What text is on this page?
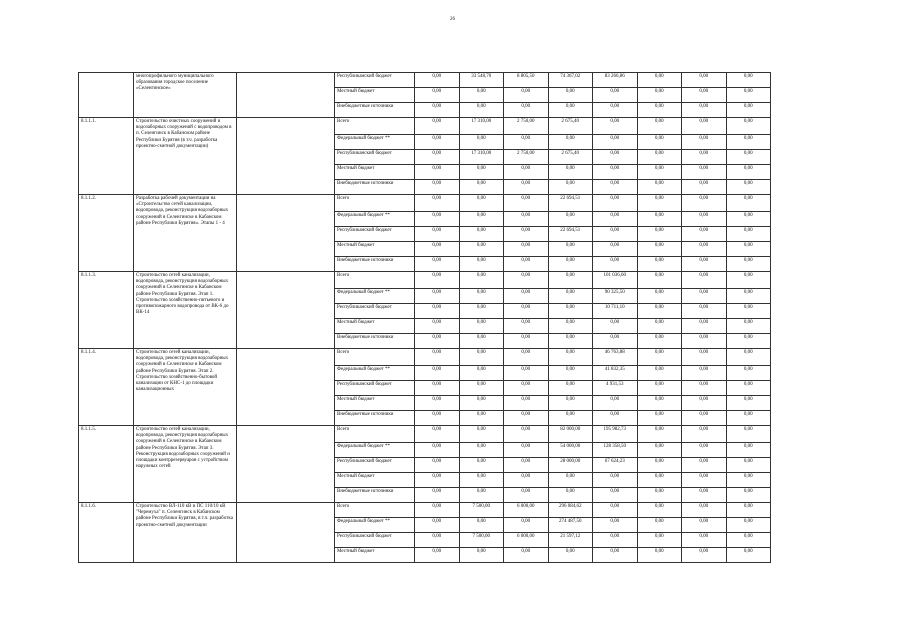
26
	многопрофильного муниципального образования городское поселение «Селенгинское»		Республиканский бюджет	0,00	33 548,70	8 805,50	74 367,02	83 266,86	0,00	0,00	0,00
			Местный бюджет	0,00	0,00	0,00	0,00	0,00	0,00	0,00	0,00
			Внебюджетные источники	0,00	0,00	0,00	0,00	0,00	0,00	0,00	0,00
8.1.1.1.	Строительство очистных сооружений и водозаборных сооружений с водопроводом в п. Селенгинск в Кабанском районе Республики Бурятия (в т.ч. разработка проектно-сметной документации)		Всего	0,00	17 310,00	2 750,00	2 675,40	0,00	0,00	0,00	0,00
			Федеральный бюджет **	0,00	0,00	0,00	0,00	0,00	0,00	0,00	0,00
			Республиканский бюджет	0,00	17 310,00	2 750,00	2 675,40	0,00	0,00	0,00	0,00
			Местный бюджет	0,00	0,00	0,00	0,00	0,00	0,00	0,00	0,00
			Внебюджетные источники	0,00	0,00	0,00	0,00	0,00	0,00	0,00	0,00
8.1.1.2.	Разработка рабочей документации на «Строительство сетей канализации, водопровода, реконструкция водозаборных сооружений в Селенгинске в Кабанском районе Республики Бурятия». Этапы 1 - 4		Всего	0,00	0,00	0,00	22 694,51	0,00	0,00	0,00	0,00
			Федеральный бюджет **	0,00	0,00	0,00	0,00	0,00	0,00	0,00	0,00
			Республиканский бюджет	0,00	0,00	0,00	22 694,51	0,00	0,00	0,00	0,00
			Местный бюджет	0,00	0,00	0,00	0,00	0,00	0,00	0,00	0,00
			Внебюджетные источники	0,00	0,00	0,00	0,00	0,00	0,00	0,00	0,00
8.1.1.3.	Строительство сетей канализации, водопровода, реконструкция водозаборных сооружений в Селенгинске в Кабанском районе Республики Бурятия. Этап 1. Строительство хозяйственно-питьевого и противопожарного водопровода от ВК-6 до ВК-14		Всего	0,00	0,00	0,00	0,00	101 036,60	0,00	0,00	0,00
			Федеральный бюджет **	0,00	0,00	0,00	0,00	90 325,50	0,00	0,00	0,00
			Республиканский бюджет	0,00	0,00	0,00	0,00	10 711,10	0,00	0,00	0,00
			Местный бюджет	0,00	0,00	0,00	0,00	0,00	0,00	0,00	0,00
			Внебюджетные источники	0,00	0,00	0,00	0,00	0,00	0,00	0,00	0,00
8.1.1.4.	Строительство сетей канализации, водопровода, реконструкция водозаборных сооружений в Селенгинске в Кабанском районе Республики Бурятия. Этап 2. Строительство хозяйственно-бытовой канализации от КНС-1 до площадки канализационных		Всего	0,00	0,00	0,00	0,00	46 763,88	0,00	0,00	0,00
			Федеральный бюджет **	0,00	0,00	0,00	0,00	41 832,35	0,00	0,00	0,00
			Республиканский бюджет	0,00	0,00	0,00	0,00	4 931,53	0,00	0,00	0,00
			Местный бюджет	0,00	0,00	0,00	0,00	0,00	0,00	0,00	0,00
			Внебюджетные источники	0,00	0,00	0,00	0,00	0,00	0,00	0,00	0,00
8.1.1.5.	Строительство сетей канализации, водопровода, реконструкция водозаборных сооружений в Селенгинске в Кабанском районе Республики Бурятия. Этап 3. Реконструкция водозаборных сооружений и площадки контррезервуаров с устройством наружных сетей		Всего	0,00	0,00	0,00	82 000,00	195 982,73	0,00	0,00	0,00
			Федеральный бюджет **	0,00	0,00	0,00	54 000,00	128 358,50	0,00	0,00	0,00
			Республиканский бюджет	0,00	0,00	0,00	28 000,00	67 624,23	0,00	0,00	0,00
			Местный бюджет	0,00	0,00	0,00	0,00	0,00	0,00	0,00	0,00
			Внебюджетные источники	0,00	0,00	0,00	0,00	0,00	0,00	0,00	0,00
8.1.1.6.	Строительство ВЛ-110 кВ и ПС 110/10 кВ "Черемуха" п. Селенгинск в Кабанском районе Республики Бурятия, в т.ч. разработка проектно-сметной документации		Всего	0,00	7 500,00	6 000,00	296 084,62	0,00	0,00	0,00	0,00
			Федеральный бюджет **	0,00	0,00	0,00	274 487,50	0,00	0,00	0,00	0,00
			Республиканский бюджет	0,00	7 500,00	6 000,00	21 597,12	0,00	0,00	0,00	0,00
			Местный бюджет	0,00	0,00	0,00	0,00	0,00	0,00	0,00	0,00
